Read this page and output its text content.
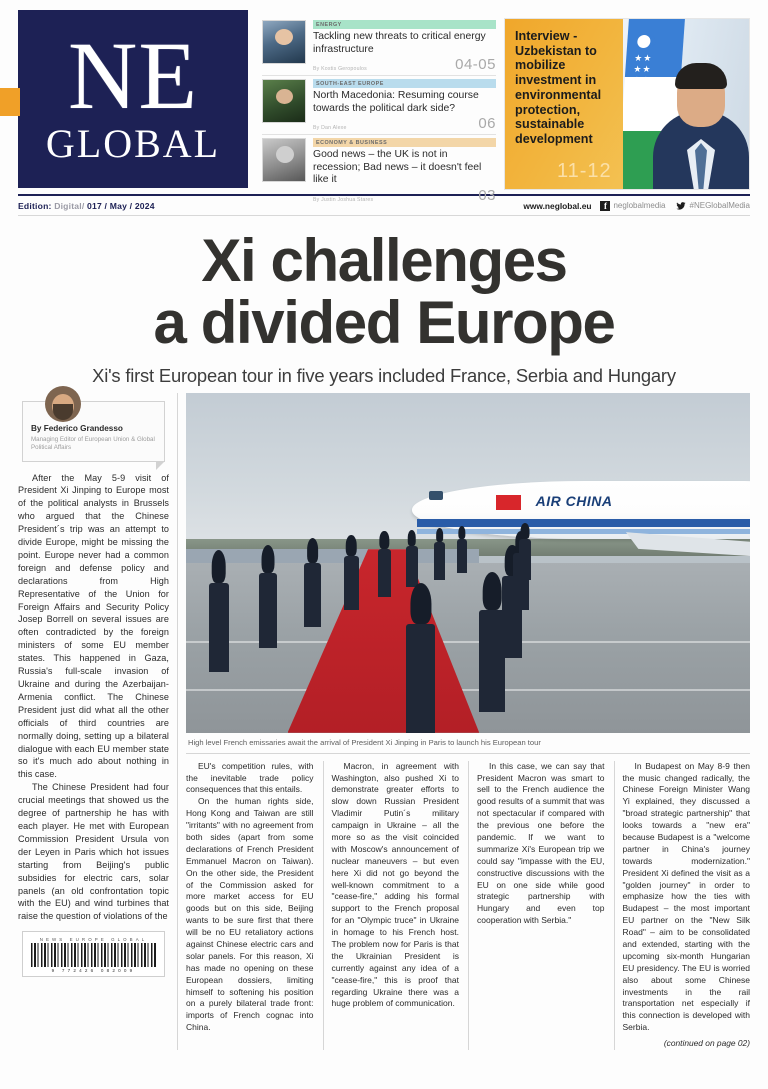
NE
GLOBAL
ENERGY
Tackling new threats to critical energy infrastructure
By Kostis Geropoulos	04-05
SOUTH-EAST EUROPE
North Macedonia: Resuming course towards the political dark side?
By Dan Alexe	06
ECONOMY & BUSINESS
Good news – the UK is not in recession; Bad news – it doesn't feel like it
By Justin Joshua Stares	03
Interview - Uzbekistan to mobilize investment in environmental protection, sustainable development
11-12
★★
★★
★★
Edition: Digital/ 017 / May / 2024	www.neglobal.eu	f neglobalmedia	#NEGlobalMedia
Xi challenges
a divided Europe
Xi's first European tour in five years included France, Serbia and Hungary
By Federico Grandesso
Managing Editor of European Union & Global Political Affairs

After the May 5-9 visit of President Xi Jinping to Europe most of the political analysts in Brussels who argued that the Chinese President´s trip was an attempt to divide Europe, might be missing the point. Europe never had a common foreign and defense policy and declarations from High Representative of the Union for Foreign Affairs and Security Policy Josep Borrell on several issues are often contradicted by the foreign ministers of some EU member states. This happened in Gaza, Russia's full-scale invasion of Ukraine and during the Azerbaijan-Armenia conflict. The Chinese President just did what all the other officials of third countries are normally doing, setting up a bilateral dialogue with each EU member state so it's much ado about nothing in this case.

The Chinese President had four crucial meetings that showed us the degree of partnership he has with each player. He met with European Commission President Ursula von der Leyen in Paris which hot issues starting from Beijing's public subsidies for electric cars, solar panels (an old confrontation topic with the EU) and wind turbines that raise the question of violations of the

NEWS EUROPE GLOBAL
9 772426 082009
AIR CHINA
High level French emissaries await the arrival of President Xi Jinping in Paris to launch his European tour

EU's competition rules, with the inevitable trade policy consequences that this entails.

On the human rights side, Hong Kong and Taiwan are still "irritants" with no agreement from both sides (apart from some declarations of French President Emmanuel Macron on Taiwan). On the other side, the President of the Commission asked for more market access for EU goods but on this side, Beijing wants to be sure first that there will be no EU retaliatory actions against Chinese electric cars and solar panels. For this reason, Xi has made no opening on these European dossiers, limiting himself to softening his position on a purely bilateral trade front: imports of French cognac into China.

Macron, in agreement with Washington, also pushed Xi to demonstrate greater efforts to slow down Russian President Vladimir Putin´s military campaign in Ukraine – all the more so as the visit coincided with Moscow's announcement of nuclear maneuvers – but even here Xi did not go beyond the well-known commitment to a "cease-fire," adding his formal support to the French proposal for an "Olympic truce" in Ukraine in homage to his French host. The problem now for Paris is that the Ukrainian President is currently against any idea of a "cease-fire," this is proof that regarding Ukraine there was a huge problem of communication.

In this case, we can say that President Macron was smart to sell to the French audience the good results of a summit that was not spectacular if compared with the previous one before the pandemic. If we want to summarize Xi's European trip we could say "impasse with the EU, constructive discussions with the EU on one side while good strategic partnership with Hungary and even top cooperation with Serbia."

In Budapest on May 8-9 then the music changed radically, the Chinese Foreign Minister Wang Yi explained, they discussed a "broad strategic partnership" that looks towards a "new era" because Budapest is a "welcome partner in China's journey towards modernization." President Xi defined the visit as a "golden journey" in order to emphasize how the ties with Budapest – the most important EU partner on the "New Silk Road" – aim to be consolidated and extended, starting with the upcoming six-month Hungarian EU presidency. The EU is worried also about some Chinese investments in the rail transportation net especially if this connection is developed with Serbia.

(continued on page 02)
